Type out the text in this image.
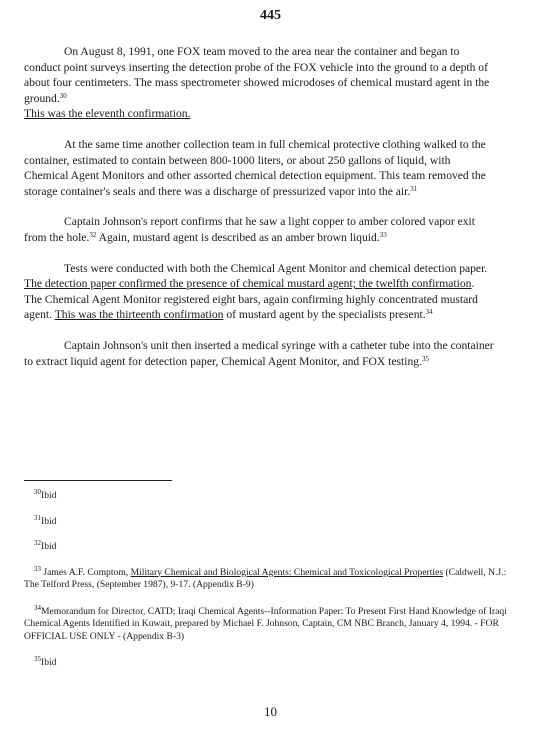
445

On August 8, 1991, one FOX team moved to the area near the container and began to conduct point surveys inserting the detection probe of the FOX vehicle into the ground to a depth of about four centimeters. The mass spectrometer showed microdoses of chemical mustard agent in the ground.$^{30}$
This was the eleventh confirmation.

At the same time another collection team in full chemical protective clothing walked to the container, estimated to contain between 800-1000 liters, or about 250 gallons of liquid, with Chemical Agent Monitors and other assorted chemical detection equipment. This team removed the storage container's seals and there was a discharge of pressurized vapor into the air.$^{31}$

Captain Johnson's report confirms that he saw a light copper to amber colored vapor exit from the hole.$^{32}$ Again, mustard agent is described as an amber brown liquid.$^{33}$

Tests were conducted with both the Chemical Agent Monitor and chemical detection paper. The detection paper confirmed the presence of chemical mustard agent; the twelfth confirmation. The Chemical Agent Monitor registered eight bars, again confirming highly concentrated mustard agent. This was the thirteenth confirmation of mustard agent by the specialists present.$^{34}$

Captain Johnson's unit then inserted a medical syringe with a catheter tube into the container to extract liquid agent for detection paper, Chemical Agent Monitor, and FOX testing.$^{35}$

$^{30}$Ibid

$^{31}$Ibid

$^{32}$Ibid

$^{33}$ James A.F. Comptom, Military Chemical and Biological Agents: Chemical and Toxicological Properties (Caldwell, N.J.: The Telford Press, (September 1987), 9-17. (Appendix B-9)

$^{34}$Memorandum for Director, CATD; Iraqi Chemical Agents--Information Paper: To Present First Hand Knowledge of Iraqi Chemical Agents Identified in Kuwait, prepared by Michael F. Johnson, Captain, CM NBC Branch, January 4, 1994. - FOR OFFICIAL USE ONLY - (Appendix B-3)

$^{35}$Ibid

10
